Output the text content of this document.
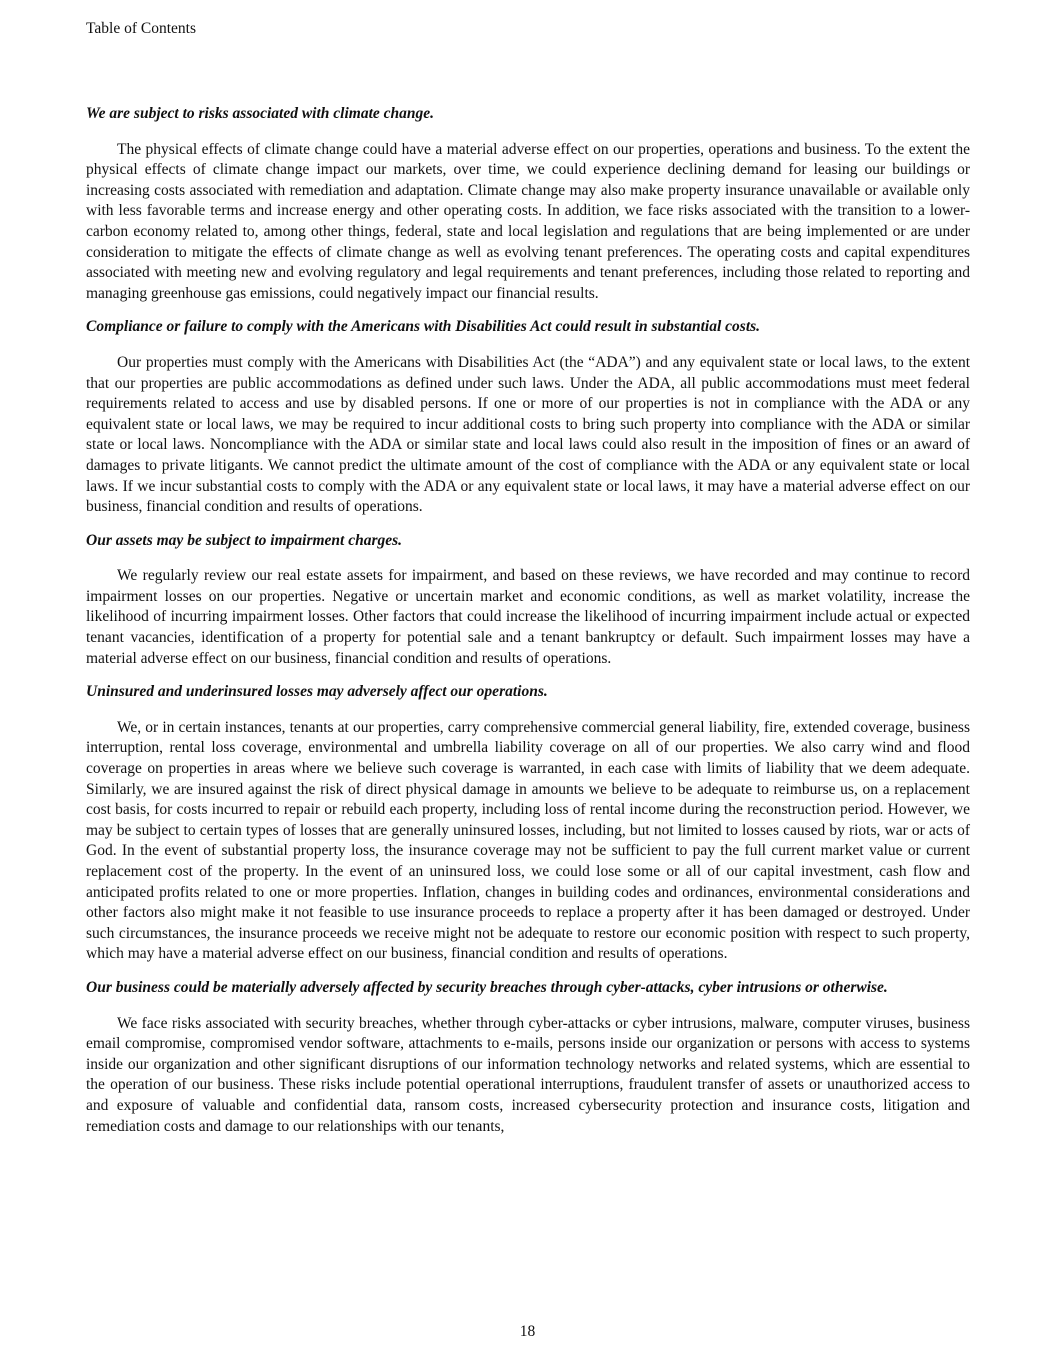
Table of Contents

We are subject to risks associated with climate change.

The physical effects of climate change could have a material adverse effect on our properties, operations and business. To the extent the physical effects of climate change impact our markets, over time, we could experience declining demand for leasing our buildings or increasing costs associated with remediation and adaptation. Climate change may also make property insurance unavailable or available only with less favorable terms and increase energy and other operating costs. In addition, we face risks associated with the transition to a lower-carbon economy related to, among other things, federal, state and local legislation and regulations that are being implemented or are under consideration to mitigate the effects of climate change as well as evolving tenant preferences. The operating costs and capital expenditures associated with meeting new and evolving regulatory and legal requirements and tenant preferences, including those related to reporting and managing greenhouse gas emissions, could negatively impact our financial results.

Compliance or failure to comply with the Americans with Disabilities Act could result in substantial costs.

Our properties must comply with the Americans with Disabilities Act (the “ADA”) and any equivalent state or local laws, to the extent that our properties are public accommodations as defined under such laws. Under the ADA, all public accommodations must meet federal requirements related to access and use by disabled persons. If one or more of our properties is not in compliance with the ADA or any equivalent state or local laws, we may be required to incur additional costs to bring such property into compliance with the ADA or similar state or local laws. Noncompliance with the ADA or similar state and local laws could also result in the imposition of fines or an award of damages to private litigants. We cannot predict the ultimate amount of the cost of compliance with the ADA or any equivalent state or local laws. If we incur substantial costs to comply with the ADA or any equivalent state or local laws, it may have a material adverse effect on our business, financial condition and results of operations.

Our assets may be subject to impairment charges.

We regularly review our real estate assets for impairment, and based on these reviews, we have recorded and may continue to record impairment losses on our properties. Negative or uncertain market and economic conditions, as well as market volatility, increase the likelihood of incurring impairment losses. Other factors that could increase the likelihood of incurring impairment include actual or expected tenant vacancies, identification of a property for potential sale and a tenant bankruptcy or default. Such impairment losses may have a material adverse effect on our business, financial condition and results of operations.

Uninsured and underinsured losses may adversely affect our operations.

We, or in certain instances, tenants at our properties, carry comprehensive commercial general liability, fire, extended coverage, business interruption, rental loss coverage, environmental and umbrella liability coverage on all of our properties. We also carry wind and flood coverage on properties in areas where we believe such coverage is warranted, in each case with limits of liability that we deem adequate. Similarly, we are insured against the risk of direct physical damage in amounts we believe to be adequate to reimburse us, on a replacement cost basis, for costs incurred to repair or rebuild each property, including loss of rental income during the reconstruction period. However, we may be subject to certain types of losses that are generally uninsured losses, including, but not limited to losses caused by riots, war or acts of God. In the event of substantial property loss, the insurance coverage may not be sufficient to pay the full current market value or current replacement cost of the property. In the event of an uninsured loss, we could lose some or all of our capital investment, cash flow and anticipated profits related to one or more properties. Inflation, changes in building codes and ordinances, environmental considerations and other factors also might make it not feasible to use insurance proceeds to replace a property after it has been damaged or destroyed. Under such circumstances, the insurance proceeds we receive might not be adequate to restore our economic position with respect to such property, which may have a material adverse effect on our business, financial condition and results of operations.

Our business could be materially adversely affected by security breaches through cyber-attacks, cyber intrusions or otherwise.

We face risks associated with security breaches, whether through cyber-attacks or cyber intrusions, malware, computer viruses, business email compromise, compromised vendor software, attachments to e-mails, persons inside our organization or persons with access to systems inside our organization and other significant disruptions of our information technology networks and related systems, which are essential to the operation of our business. These risks include potential operational interruptions, fraudulent transfer of assets or unauthorized access to and exposure of valuable and confidential data, ransom costs, increased cybersecurity protection and insurance costs, litigation and remediation costs and damage to our relationships with our tenants,

18
